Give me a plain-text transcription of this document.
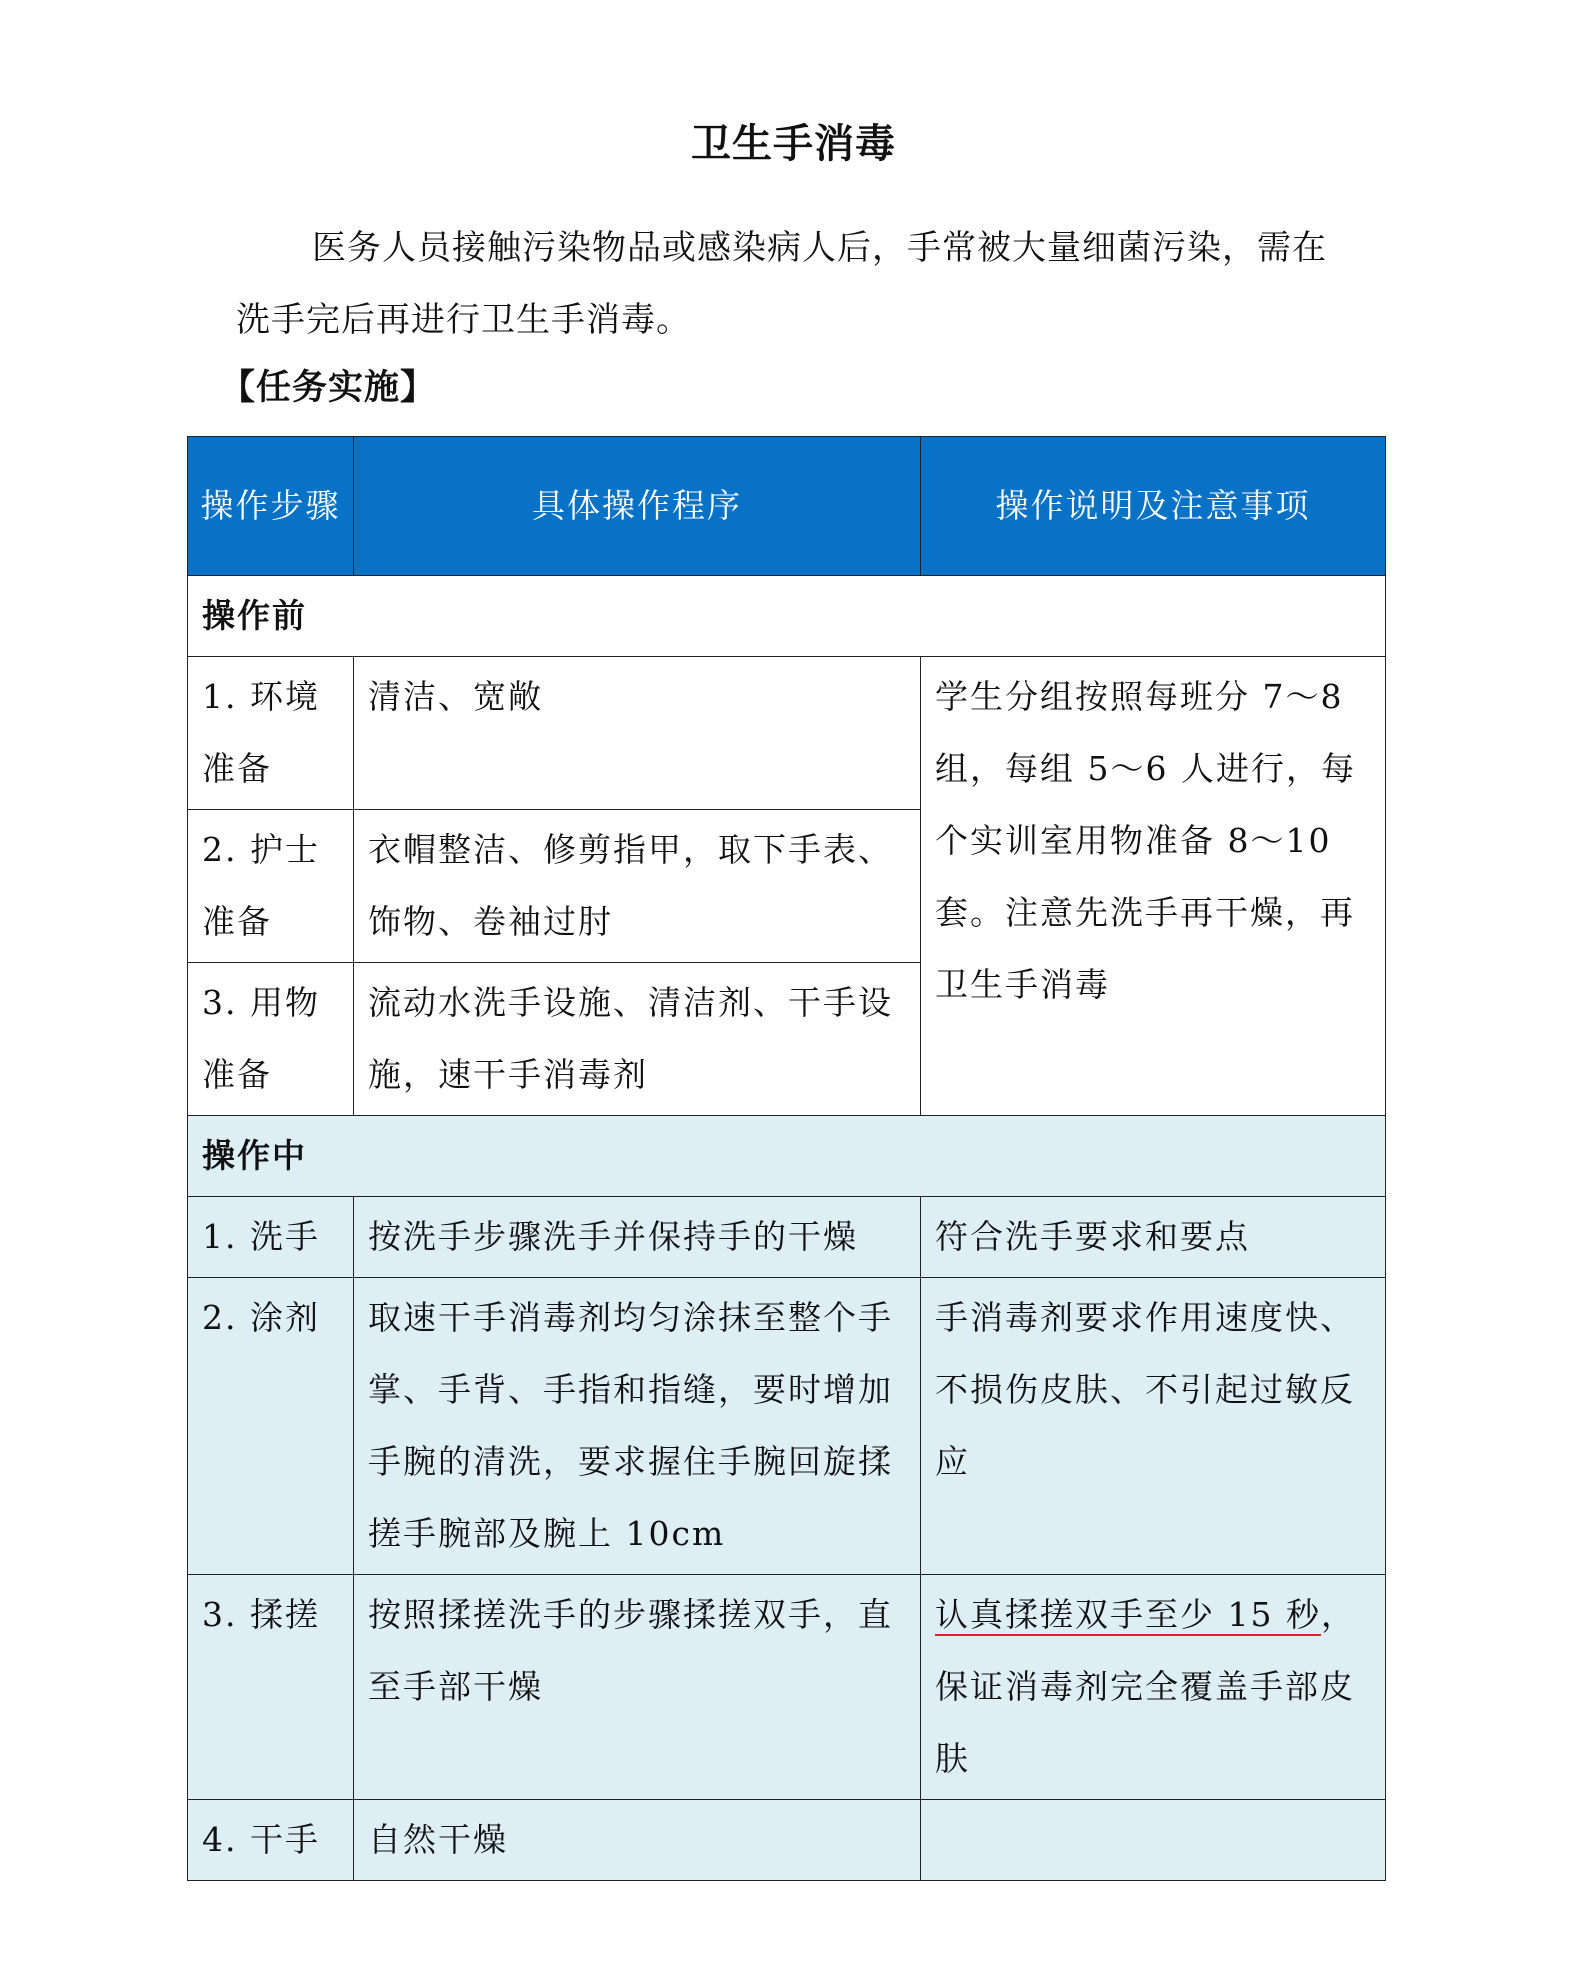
卫生手消毒

医务人员接触污染物品或感染病人后，手常被大量细菌污染，需在洗手完后再进行卫生手消毒。

【任务实施】
操作步骤	具体操作程序	操作说明及注意事项
操作前		
1. 环境准备	清洁、宽敞	学生分组按照每班分 7～8 组，每组 5～6 人进行，每个实训室用物准备 8～10 套。注意先洗手再干燥，再卫生手消毒
2. 护士准备	衣帽整洁、修剪指甲，取下手表、饰物、卷袖过肘	
3. 用物准备	流动水洗手设施、清洁剂、干手设施，速干手消毒剂	
操作中		
1. 洗手	按洗手步骤洗手并保持手的干燥	符合洗手要求和要点
2. 涂剂	取速干手消毒剂均匀涂抹至整个手掌、手背、手指和指缝，要时增加手腕的清洗，要求握住手腕回旋揉搓手腕部及腕上 10cm	手消毒剂要求作用速度快、不损伤皮肤、不引起过敏反应
3. 揉搓	按照揉搓洗手的步骤揉搓双手，直至手部干燥	认真揉搓双手至少 15 秒，保证消毒剂完全覆盖手部皮肤
4. 干手	自然干燥	
